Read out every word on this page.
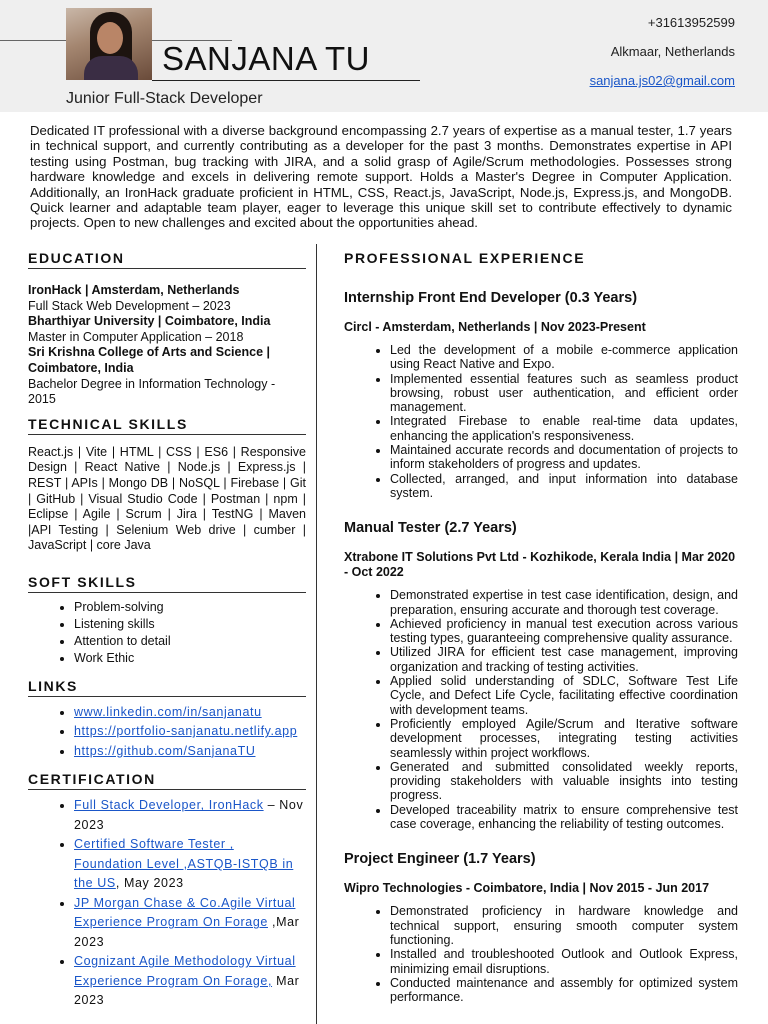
SANJANA TU
Junior Full-Stack Developer
+31613952599
Alkmaar, Netherlands
sanjana.js02@gmail.com
Dedicated IT professional with a diverse background encompassing 2.7 years of expertise as a manual tester, 1.7 years in technical support, and currently contributing as a developer for the past 3 months. Demonstrates expertise in API testing using Postman, bug tracking with JIRA, and a solid grasp of Agile/Scrum methodologies. Possesses strong hardware knowledge and excels in delivering remote support. Holds a Master's Degree in Computer Application. Additionally, an IronHack graduate proficient in HTML, CSS, React.js, JavaScript, Node.js, Express.js, and MongoDB. Quick learner and adaptable team player, eager to leverage this unique skill set to contribute effectively to dynamic projects. Open to new challenges and excited about the opportunities ahead.
EDUCATION
IronHack | Amsterdam, Netherlands
Full Stack Web Development – 2023
Bharthiyar University | Coimbatore, India
Master in Computer Application – 2018
Sri Krishna College of Arts and Science | Coimbatore, India
Bachelor Degree in Information Technology - 2015
TECHNICAL SKILLS
React.js | Vite | HTML | CSS | ES6 | Responsive Design | React Native | Node.js | Express.js | REST | APIs | Mongo DB | NoSQL | Firebase | Git | GitHub | Visual Studio Code | Postman | npm | Eclipse | Agile | Scrum | Jira | TestNG | Maven |API Testing | Selenium Web drive | cumber | JavaScript | core Java
SOFT SKILLS
• Problem-solving
• Listening skills
• Attention to detail
• Work Ethic
LINKS
• www.linkedin.com/in/sanjanatu
• https://portfolio-sanjanatu.netlify.app
• https://github.com/SanjanaTU
CERTIFICATION
• Full Stack Developer, IronHack – Nov 2023
• Certified Software Tester , Foundation Level ,ASTQB-ISTQB in the US, May 2023
• JP Morgan Chase & Co.Agile Virtual Experience Program On Forage ,Mar 2023
• Cognizant Agile Methodology Virtual Experience Program On Forage, Mar 2023
PROFESSIONAL EXPERIENCE
Internship Front End Developer (0.3 Years)
Circl - Amsterdam, Netherlands | Nov 2023-Present
• Led the development of a mobile e-commerce application using React Native and Expo.
• Implemented essential features such as seamless product browsing, robust user authentication, and efficient order management.
• Integrated Firebase to enable real-time data updates, enhancing the application's responsiveness.
• Maintained accurate records and documentation of projects to inform stakeholders of progress and updates.
• Collected, arranged, and input information into database system.
Manual Tester (2.7 Years)
Xtrabone IT Solutions Pvt Ltd - Kozhikode, Kerala India | Mar 2020 - Oct 2022
• Demonstrated expertise in test case identification, design, and preparation, ensuring accurate and thorough test coverage.
• Achieved proficiency in manual test execution across various testing types, guaranteeing comprehensive quality assurance.
• Utilized JIRA for efficient test case management, improving organization and tracking of testing activities.
• Applied solid understanding of SDLC, Software Test Life Cycle, and Defect Life Cycle, facilitating effective coordination with development teams.
• Proficiently employed Agile/Scrum and Iterative software development processes, integrating testing activities seamlessly within project workflows.
• Generated and submitted consolidated weekly reports, providing stakeholders with valuable insights into testing progress.
• Developed traceability matrix to ensure comprehensive test case coverage, enhancing the reliability of testing outcomes.
Project Engineer (1.7 Years)
Wipro Technologies - Coimbatore, India | Nov 2015 - Jun 2017
• Demonstrated proficiency in hardware knowledge and technical support, ensuring smooth computer system functioning.
• Installed and troubleshooted Outlook and Outlook Express, minimizing email disruptions.
• Conducted maintenance and assembly for optimized system performance.
